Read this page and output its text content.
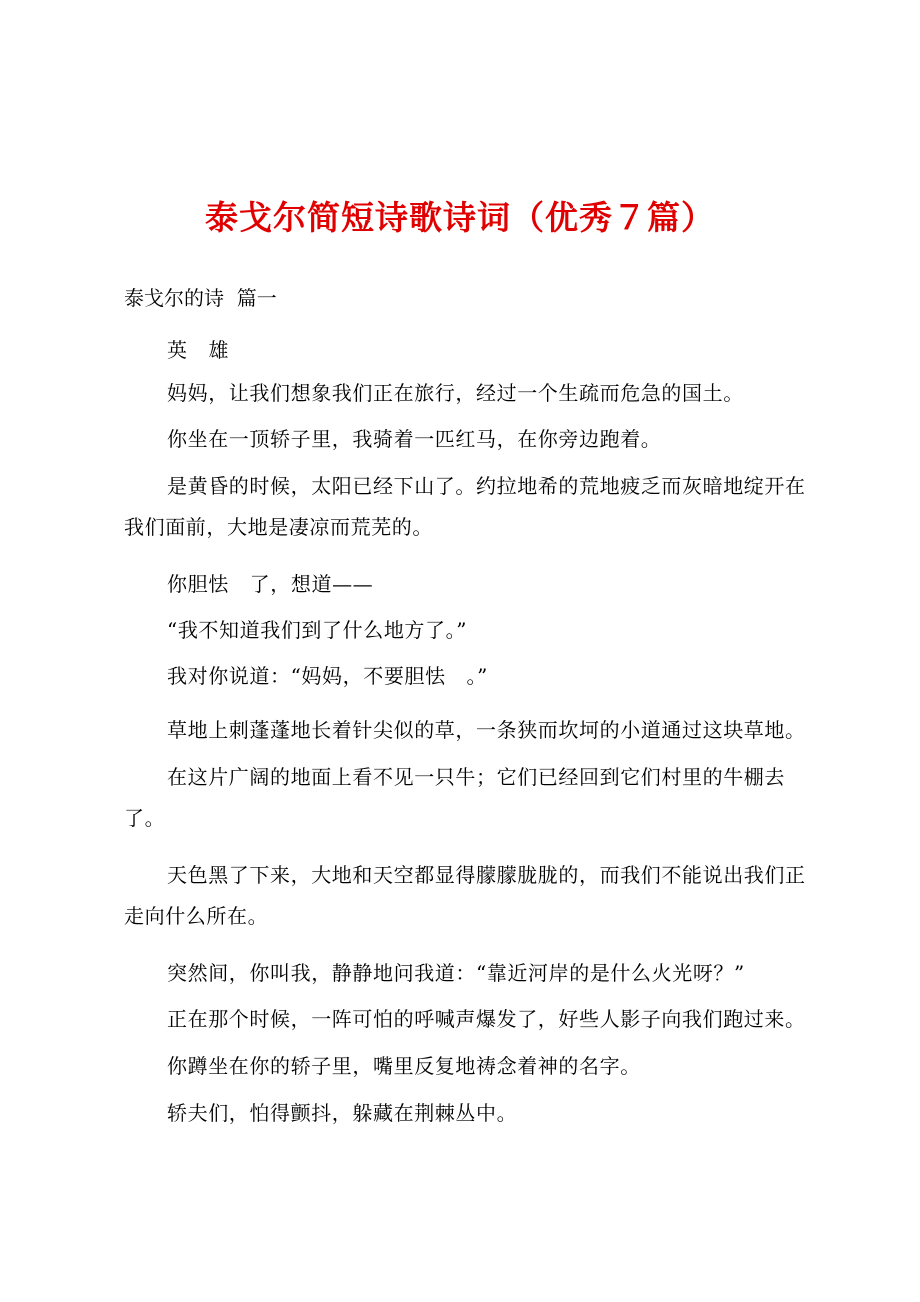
泰戈尔简短诗歌诗词（优秀７篇）
泰戈尔的诗  篇一

英   雄

妈妈，让我们想象我们正在旅行，经过一个生疏而危急的国土。

你坐在一顶轿子里，我骑着一匹红马，在你旁边跑着。

是黄昏的时候，太阳已经下山了。约拉地希的荒地疲乏而灰暗地绽开在我们面前，大地是凄凉而荒芜的。

你胆怯   了，想道——

“我不知道我们到了什么地方了。”

我对你说道：“妈妈，不要胆怯   。”

草地上刺蓬蓬地长着针尖似的草，一条狭而坎坷的小道通过这块草地。

在这片广阔的地面上看不见一只牛；它们已经回到它们村里的牛棚去了。

天色黑了下来，大地和天空都显得朦朦胧胧的，而我们不能说出我们正走向什么所在。

突然间，你叫我，静静地问我道：“靠近河岸的是什么火光呀？”

正在那个时候，一阵可怕的呼喊声爆发了，好些人影子向我们跑过来。

你蹲坐在你的轿子里，嘴里反复地祷念着神的名字。

轿夫们，怕得颤抖，躲藏在荆棘丛中。
